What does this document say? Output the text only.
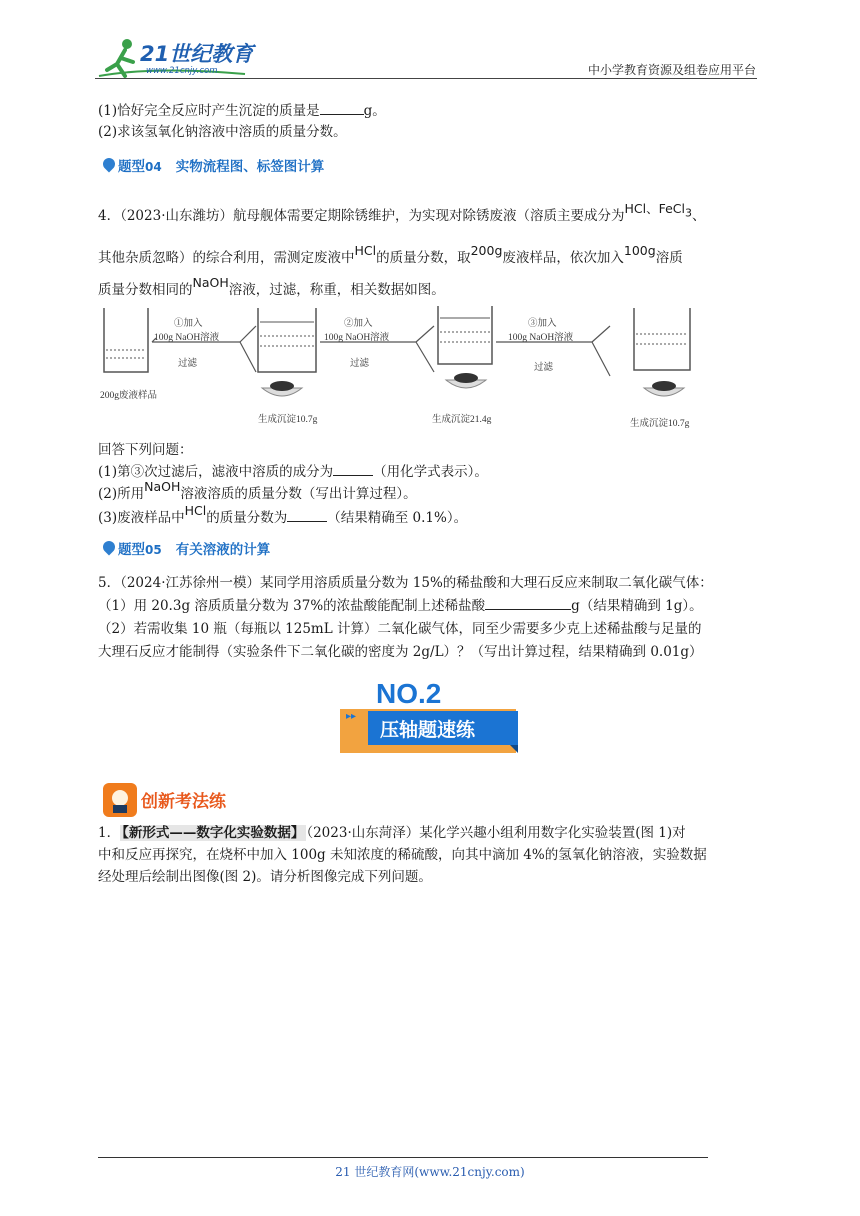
21世纪教育
www.21cnjy.com	中小学教育资源及组卷应用平台
(1)恰好完全反应时产生沉淀的质量是	g。
(2)求该氢氧化钠溶液中溶质的质量分数。
题型 04 实物流程图、标签图计算
4．（2023·山东潍坊）航母舰体需要定期除锈维护，为实现对除锈废液（溶质主要成分为HCl、FeCl$_3$、
其他杂质忽略）的综合利用，需测定废液中HCl的质量分数，取200g废液样品，依次加入100g溶质
质量分数相同的NaOH溶液，过滤，称重，相关数据如图。
200g废液样品
①加入
100g NaOH溶液
过滤
生成沉淀10.7g
②加入
100g NaOH溶液
过滤
生成沉淀21.4g
③加入
100g NaOH溶液
过滤
生成沉淀10.7g
回答下列问题：
(1)第③次过滤后，滤液中溶质的成分为	（用化学式表示）。
(2)所用NaOH溶液溶质的质量分数（写出计算过程）。
(3)废液样品中HCl的质量分数为	（结果精确至 0.1%）。
题型 05 有关溶液的计算
5．（2024·江苏徐州一模）某同学用溶质质量分数为 15%的稀盐酸和大理石反应来制取二氧化碳气体：
（1）用 20.3g 溶质质量分数为 37%的浓盐酸能配制上述稀盐酸	g（结果精确到 1g）。
（2）若需收集 10 瓶（每瓶以 125mL 计算）二氧化碳气体，同至少需要多少克上述稀盐酸与足量的
大理石反应才能制得（实验条件下二氧化碳的密度为 2g/L）？（写出计算过程，结果精确到 0.01g）
▸▸
NO.2
压轴题速练
创新考法练
1． 【新形式——数字化实验数据】 （2023·山东菏泽）某化学兴趣小组利用数字化实验装置(图 1)对
中和反应再探究，在烧杯中加入 100g 未知浓度的稀硫酸，向其中滴加 4%的氢氧化钠溶液，实验数据
经处理后绘制出图像(图 2)。请分析图像完成下列问题。
21 世纪教育网(www.21cnjy.com)
